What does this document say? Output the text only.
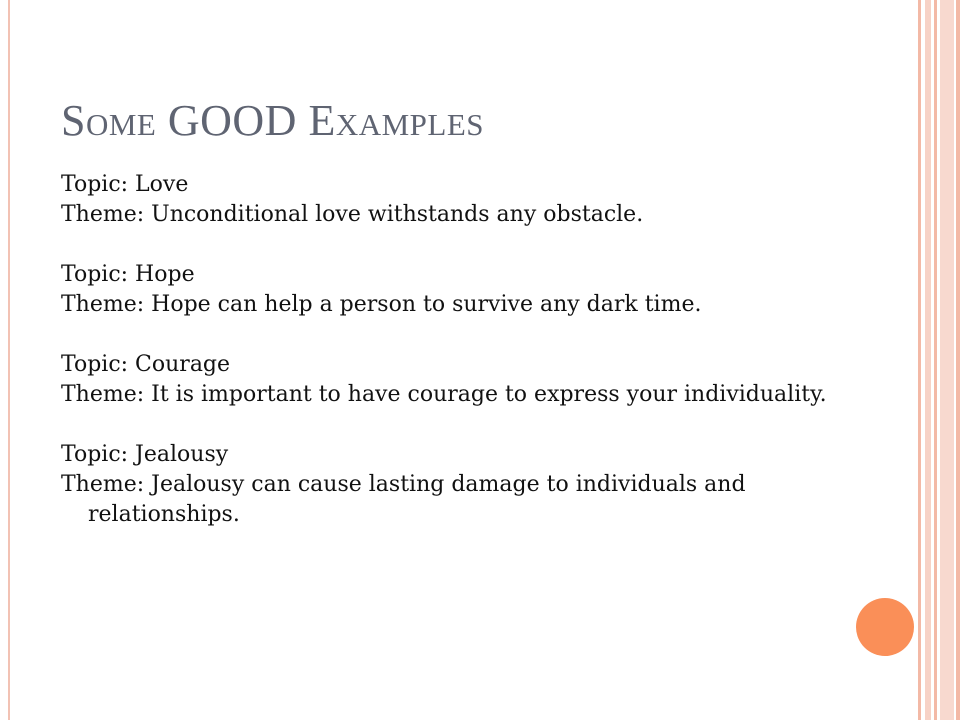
Some GOOD Examples
Topic: Love
Theme: Unconditional love withstands any obstacle.
Topic: Hope
Theme: Hope can help a person to survive any dark time.
Topic: Courage
Theme: It is important to have courage to express your individuality.
Topic: Jealousy
Theme: Jealousy can cause lasting damage to individuals and relationships.
